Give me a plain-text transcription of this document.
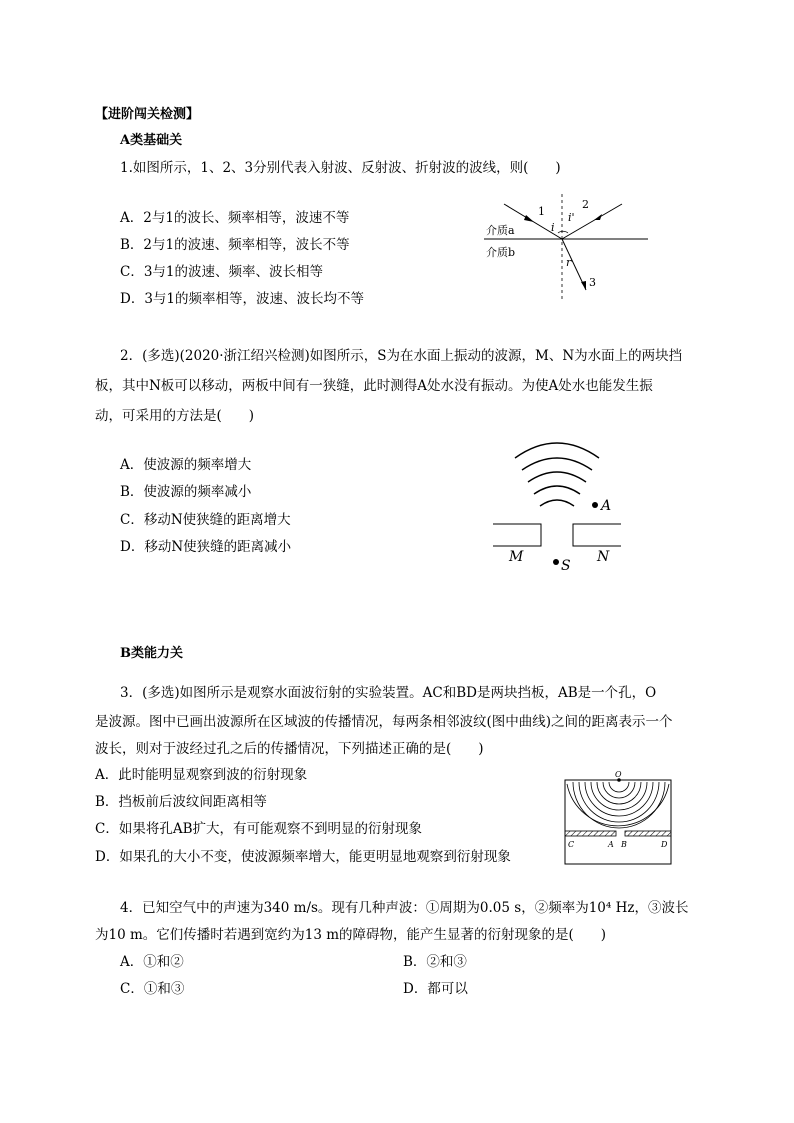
【进阶闯关检测】
A类基础关
1.如图所示，1、2、3分别代表入射波、反射波、折射波的波线，则(　　)
A．2与1的波长、频率相等，波速不等
B．2与1的波速、频率相等，波长不等
C．3与1的波速、频率、波长相等
D．3与1的频率相等，波速、波长均不等
1
2
3
i
i'
r
介质a
介质b
2．(多选)(2020·浙江绍兴检测)如图所示，S为在水面上振动的波源，M、N为水面上的两块挡
板，其中N板可以移动，两板中间有一狭缝，此时测得A处水没有振动。为使A处水也能发生振
动，可采用的方法是(　　)
A．使波源的频率增大
B．使波源的频率减小
C．移动N使狭缝的距离增大
D．移动N使狭缝的距离减小
A
M	N
S
B类能力关
3．(多选)如图所示是观察水面波衍射的实验装置。AC和BD是两块挡板，AB是一个孔，O
是波源。图中已画出波源所在区域波的传播情况，每两条相邻波纹(图中曲线)之间的距离表示一个
波长，则对于波经过孔之后的传播情况，下列描述正确的是(　　)
A．此时能明显观察到波的衍射现象
B．挡板前后波纹间距离相等
C．如果将孔AB扩大，有可能观察不到明显的衍射现象
D．如果孔的大小不变，使波源频率增大，能更明显地观察到衍射现象
O
C	A B	D
4．已知空气中的声速为340 m/s。现有几种声波：①周期为0.05 s，②频率为10⁴ Hz，③波长
为10 m。它们传播时若遇到宽约为13 m的障碍物，能产生显著的衍射现象的是(　　)
A．①和②	B．②和③
C．①和③	D．都可以
